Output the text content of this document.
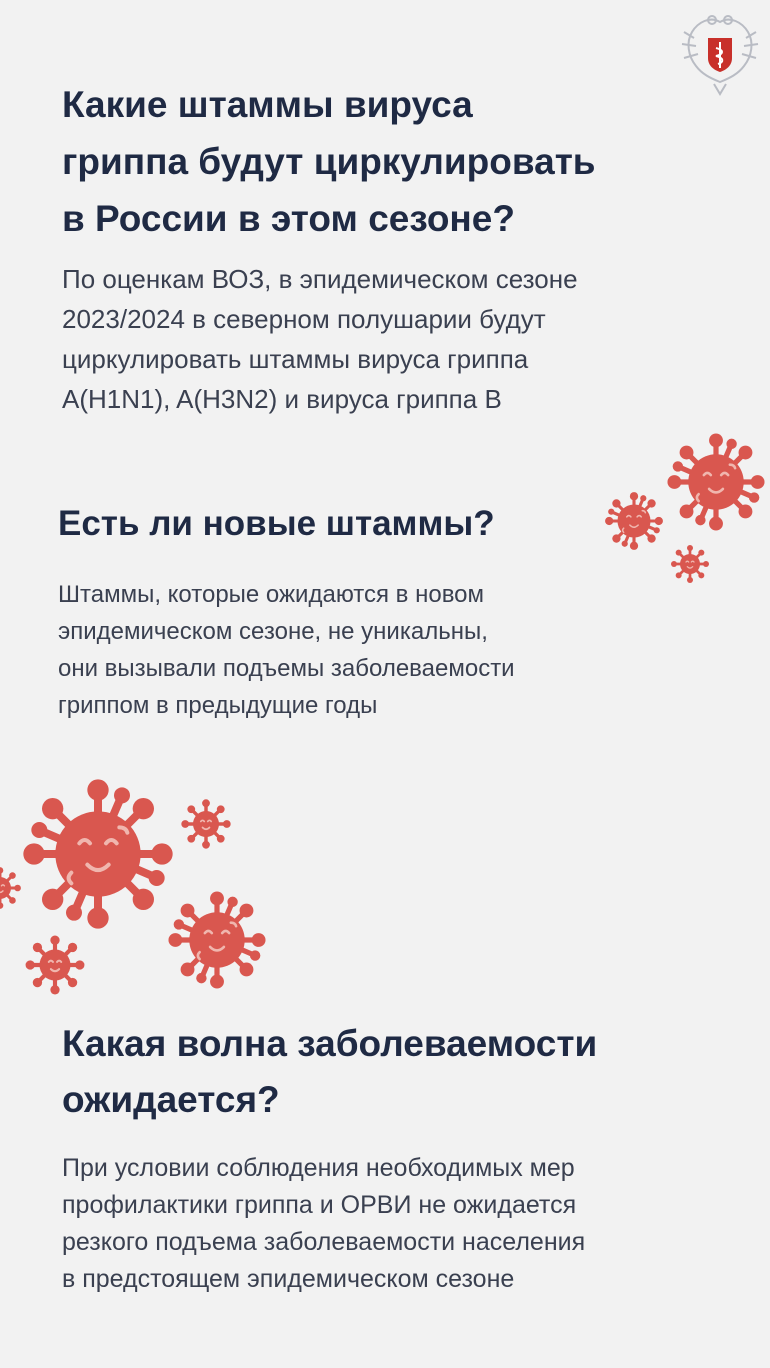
Какие штаммы вируса
гриппа будут циркулировать
в России в этом сезоне?

По оценкам ВОЗ, в эпидемическом сезоне
2023/2024 в северном полушарии будут
циркулировать штаммы вируса гриппа
A(H1N1), A(H3N2) и вируса гриппа B

Есть ли новые штаммы?

Штаммы, которые ожидаются в новом
эпидемическом сезоне, не уникальны,
они вызывали подъемы заболеваемости
гриппом в предыдущие годы

Какая волна заболеваемости
ожидается?

При условии соблюдения необходимых мер
профилактики гриппа и ОРВИ не ожидается
резкого подъема заболеваемости населения
в предстоящем эпидемическом сезоне
